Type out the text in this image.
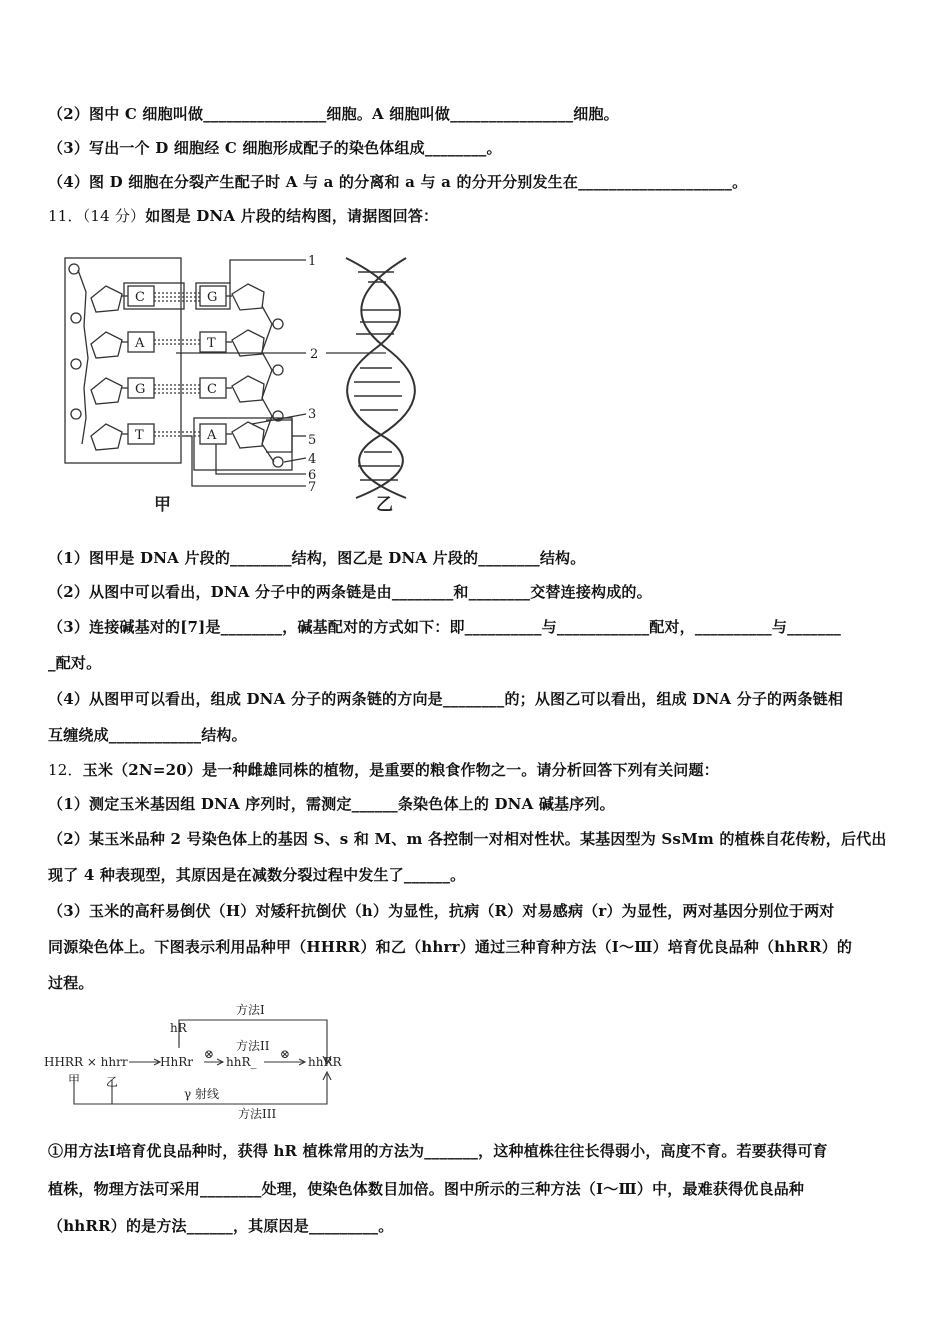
（2）图中 C 细胞叫做________________细胞。A 细胞叫做________________细胞。
（3）写出一个 D 细胞经 C 细胞形成配子的染色体组成________。
（4）图 D 细胞在分裂产生配子时 A 与 a 的分离和 a 与 a 的分开分别发生在____________________。
11．（14 分）如图是 DNA 片段的结构图，请据图回答：
C
A
G
T
G
T
C
A
1
2
3
5
4
6
7
甲	乙
（1）图甲是 DNA 片段的________结构，图乙是 DNA 片段的________结构。
（2）从图中可以看出，DNA 分子中的两条链是由________和________交替连接构成的。
（3）连接碱基对的[7]是________，碱基配对的方式如下：即__________与____________配对，__________与_______
_配对。
（4）从图甲可以看出，组成 DNA 分子的两条链的方向是________的；从图乙可以看出，组成 DNA 分子的两条链相
互缠绕成____________结构。
12．玉米（2N=20）是一种雌雄同株的植物，是重要的粮食作物之一。请分析回答下列有关问题：
（1）测定玉米基因组 DNA 序列时，需测定______条染色体上的 DNA 碱基序列。
（2）某玉米品种 2 号染色体上的基因 S、s 和 M、m 各控制一对相对性状。某基因型为 SsMm 的植株自花传粉，后代出
现了 4 种表现型，其原因是在减数分裂过程中发生了______。
（3）玉米的高秆易倒伏（H）对矮秆抗倒伏（h）为显性，抗病（R）对易感病（r）为显性，两对基因分别位于两对
同源染色体上。下图表示利用品种甲（HHRR）和乙（hhrr）通过三种育种方法（Ⅰ～Ⅲ）培育优良品种（hhRR）的
过程。
方法I
方法II
方法III
hR
HHRR × hhrr	HhRr	hhR_	hhRR
甲 乙
⊗	⊗
γ 射线
①用方法Ⅰ培育优良品种时，获得 hR 植株常用的方法为_______，这种植株往往长得弱小，高度不育。若要获得可育
植株，物理方法可采用________处理，使染色体数目加倍。图中所示的三种方法（Ⅰ～Ⅲ）中，最难获得优良品种
（hhRR）的是方法______，其原因是_________。
